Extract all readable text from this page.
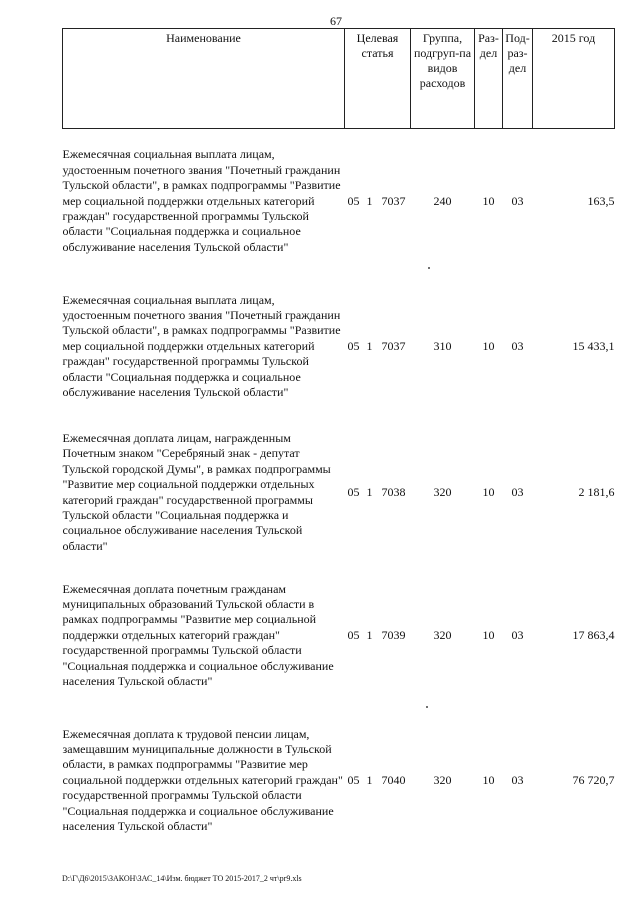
67
Наименование	Целевая статья	Группа, подгруп-па видов расходов	Раз-дел	Под-раз-дел	2015 год
Ежемесячная социальная выплата лицам, удостоенным почетного звания "Почетный гражданин Тульской области", в рамках подпрограммы "Развитие мер социальной поддержки отдельных категорий граждан" государственной программы Тульской области "Социальная поддержка и социальное обслуживание населения Тульской области"	05 1 7037	240	10	03	163,5
Ежемесячная социальная выплата лицам, удостоенным почетного звания "Почетный гражданин Тульской области", в рамках подпрограммы "Развитие мер социальной поддержки отдельных категорий граждан" государственной программы Тульской области "Социальная поддержка и социальное обслуживание населения Тульской области"	05 1 7037	310	10	03	15 433,1
Ежемесячная доплата лицам, награжденным Почетным знаком "Серебряный знак - депутат Тульской городской Думы", в рамках подпрограммы "Развитие мер социальной поддержки отдельных категорий граждан" государственной программы Тульской области "Социальная поддержка и социальное обслуживание населения Тульской области"	05 1 7038	320	10	03	2 181,6
Ежемесячная доплата почетным гражданам муниципальных образований Тульской области в рамках подпрограммы "Развитие мер социальной поддержки отдельных категорий граждан" государственной программы Тульской области "Социальная поддержка и социальное обслуживание населения Тульской области"	05 1 7039	320	10	03	17 863,4
Ежемесячная доплата к трудовой пенсии лицам, замещавшим муниципальные должности в Тульской области, в рамках подпрограммы "Развитие мер социальной поддержки отдельных категорий граждан" государственной программы Тульской области "Социальная поддержка и социальное обслуживание населения Тульской области"	05 1 7040	320	10	03	76 720,7
D:\Г\Д6\2015\ЗАКОН\ЗАС_14\Изм. бюджет ТО 2015-2017_2 чт\pr9.xls
